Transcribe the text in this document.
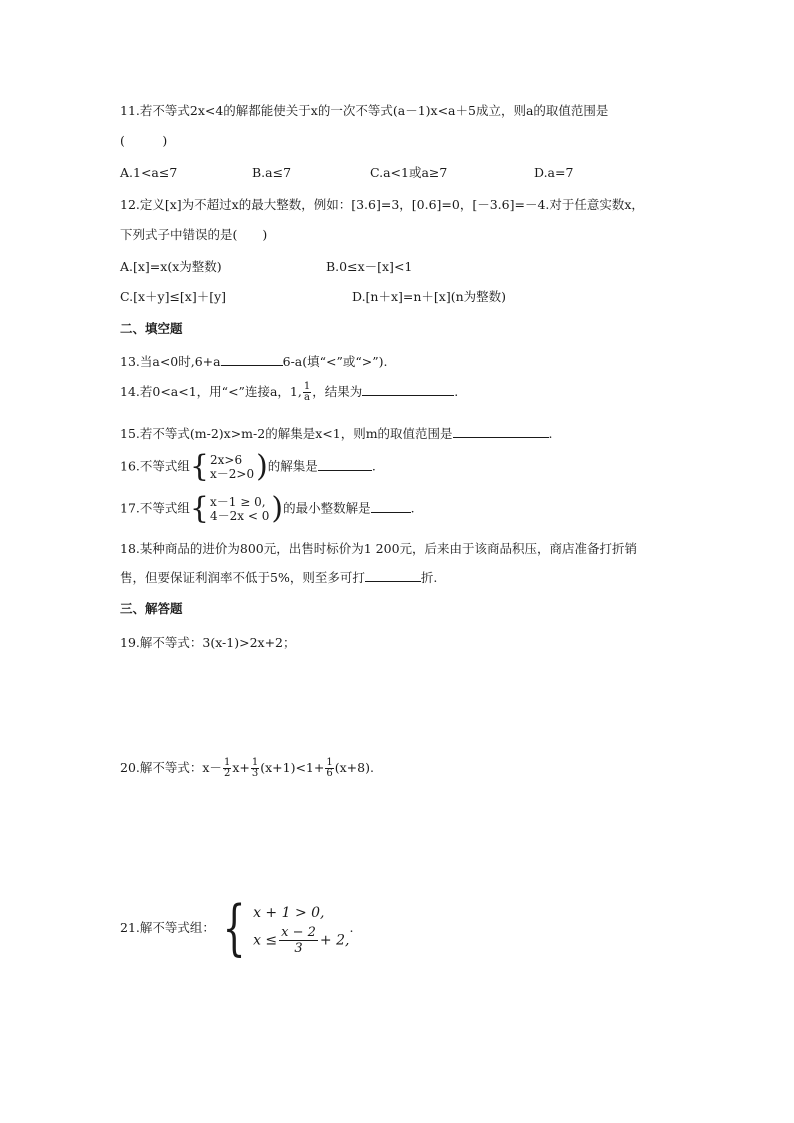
11.若不等式2x<4的解都能使关于x的一次不等式(a－1)x<a＋5成立，则a的取值范围是
(　　　)
A.1<a≤7	B.a≤7	C.a<1或a≥7	D.a=7
12.定义[x]为不超过x的最大整数，例如：[3.6]=3，[0.6]=0，[－3.6]=－4.对于任意实数x，
下列式子中错误的是(　　)
A.[x]=x(x为整数)	B.0≤x－[x]<1
C.[x＋y]≤[x]＋[y]	D.[n＋x]=n＋[x](n为整数)
二、填空题
13.当a<0时,6+a	6-a(填“<”或“>”).
14.若0<a<1，用“<”连接a，1, $\frac{1}{a}$ ，结果为	.
15.若不等式(m-2)x>m-2的解集是x<1，则m的取值范围是	.
16.不等式组 { 2x>6
x－2>0 ) 的解集是	.
17.不等式组 { x－1 ≥ 0,
4－2x < 0 ) 的最小整数解是	.
18.某种商品的进价为800元，出售时标价为1 200元，后来由于该商品积压，商店准备打折销
售，但要保证利润率不低于5%，则至多可打	折.
三、解答题
19.解不等式：3(x-1)>2x+2；
20.解不等式：$x- \frac{1}{2} x+ \frac{1}{3} (x+1)<1+ \frac{1}{6} (x+8)$.
21.解不等式组： { x + 1 > 0,
$x \le \frac{x - 2}{3} + 2$,
.
